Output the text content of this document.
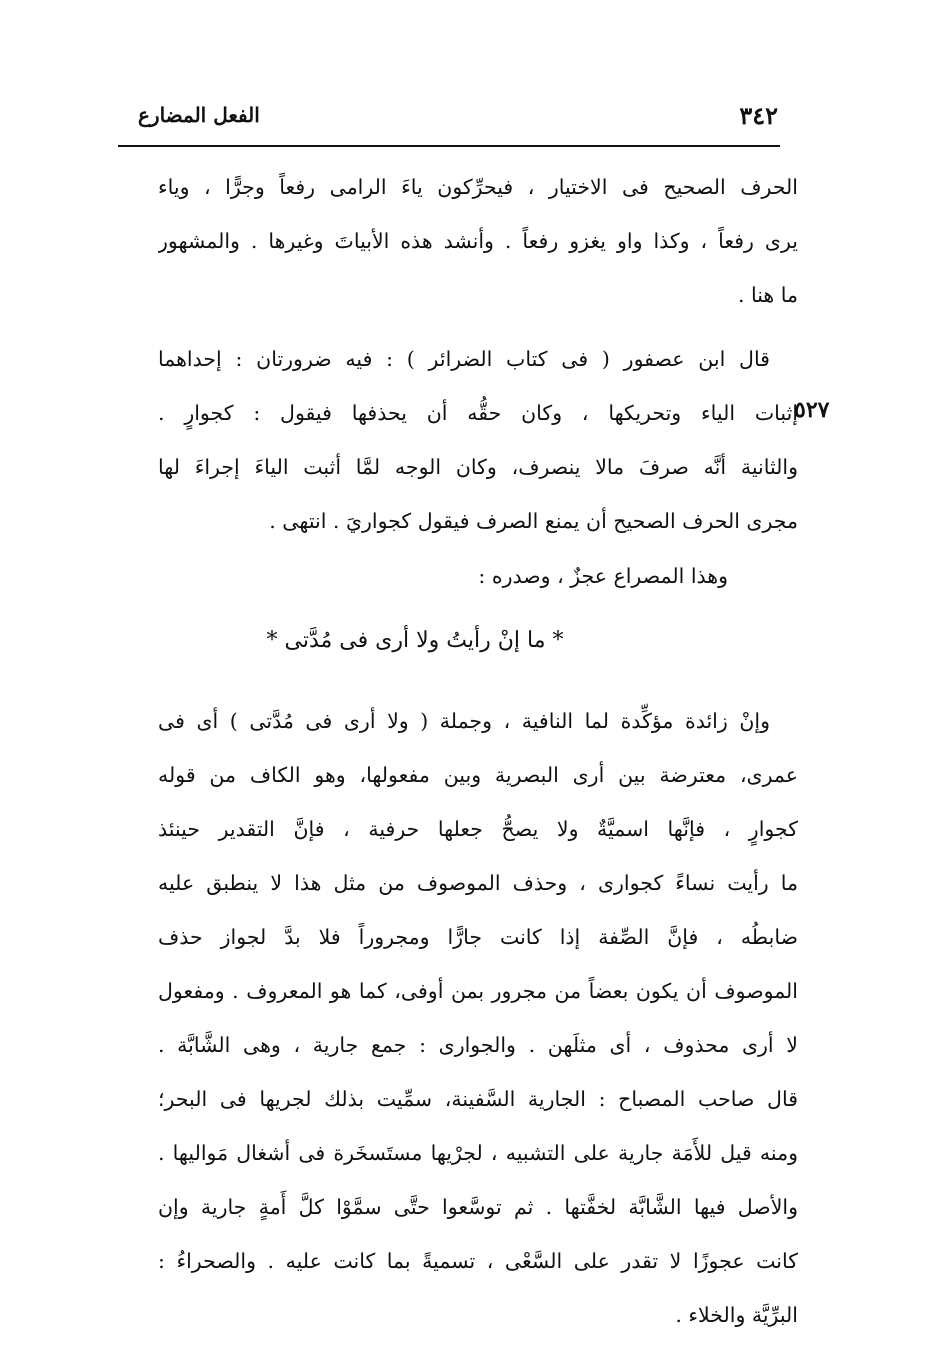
٣٤٢
الفعل المضارع
٥٢٧
الحرف الصحيح فى الاختيار ، فيحرِّكون ياءَ الرامى رفعاً وجرًّا ، وياء
يرى رفعاً ، وكذا واو يغزو رفعاً . وأنشد هذه الأبياتَ وغيرها . والمشهور
ما هنا .
قال ابن عصفور ( فى كتاب الضرائر ) : فيه ضرورتان : إحداهما
إثبات الياء وتحريكها ، وكان حقُّه أن يحذفها فيقول : كجوارٍ .
والثانية أنَّه صرفَ مالا ينصرف، وكان الوجه لمَّا أثبت الياءَ إجراءَ لها
مجرى الحرف الصحيح أن يمنع الصرف فيقول كجواريَ . انتهى .
وهذا المصراع عجزٌ ، وصدره :
* ما إنْ رأيتُ ولا أرى فى مُدَّتى *
وإنْ زائدة مؤكِّدة لما النافية ، وجملة ( ولا أرى فى مُدَّتى ) أى فى
عمرى، معترضة بين أرى البصرية وبين مفعولها، وهو الكاف من قوله
كجوارٍ ، فإنَّها اسميَّةٌ ولا يصحُّ جعلها حرفية ، فإنَّ التقدير حينئذ
ما رأيت نساءً كجوارى ، وحذف الموصوف من مثل هذا لا ينطبق عليه
ضابطُه ، فإنَّ الصِّفة إذا كانت جارًّا ومجروراً فلا بدَّ لجواز حذف
الموصوف أن يكون بعضاً من مجرور بمن أوفى، كما هو المعروف . ومفعول
لا أرى محذوف ، أى مثلَهن . والجوارى : جمع جارية ، وهى الشَّابَّة .
قال صاحب المصباح : الجارية السَّفينة، سمِّيت بذلك لجريها فى البحر؛
ومنه قيل للأَمَة جارية على التشبيه ، لجرْيها مستَسخَرة فى أشغال مَواليها .
والأصل فيها الشَّابَّة لخفَّتها . ثم توسَّعوا حتَّى سمَّوْا كلَّ أَمةٍ جارية وإن
كانت عجوزًا لا تقدر على السَّعْى ، تسميةً بما كانت عليه . والصحراءُ :
البرِّيَّة والخلاء .
